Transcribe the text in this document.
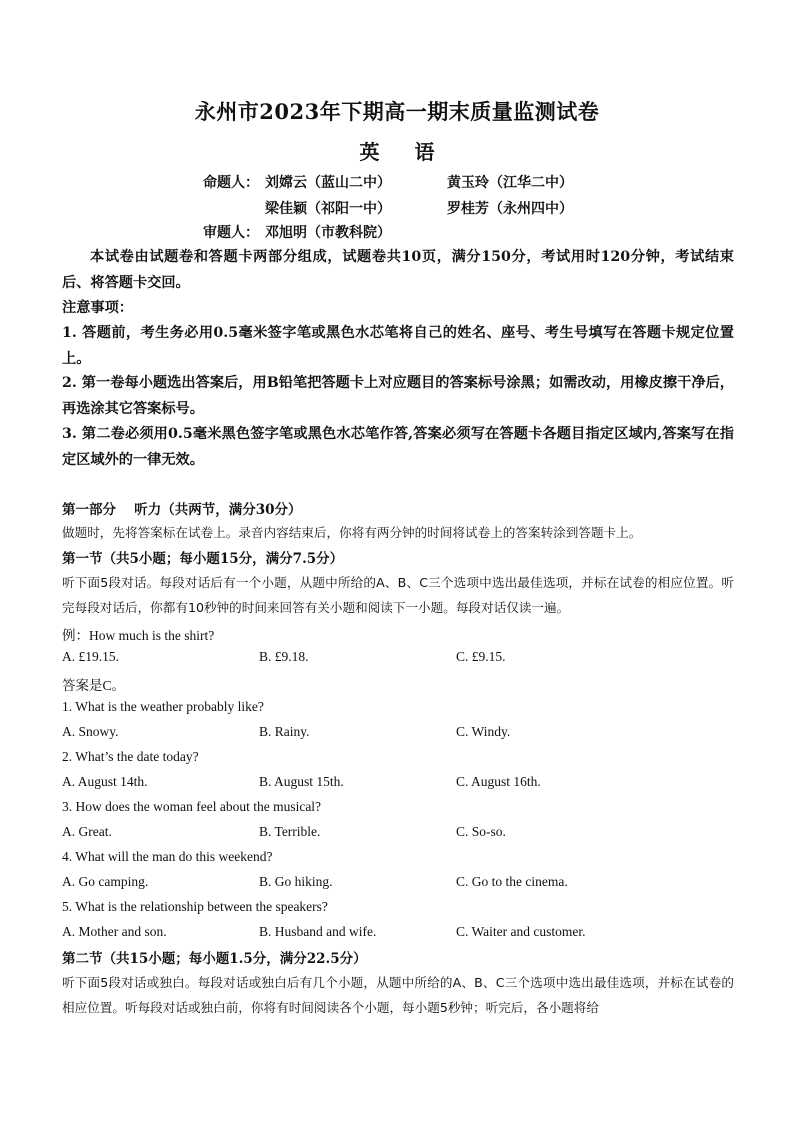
永州市2023年下期高一期末质量监测试卷
英 语
命题人： 刘嫦云（蓝山二中）	黄玉玲（江华二中）
梁佳颖（祁阳一中）	罗桂芳（永州四中）
审题人： 邓旭明（市教科院）
本试卷由试题卷和答题卡两部分组成，试题卷共10页，满分150分，考试用时120分钟，考试结束后、将答题卡交回。
注意事项：
1. 答题前，考生务必用0.5毫米签字笔或黑色水芯笔将自己的姓名、座号、考生号填写在答题卡规定位置上。
2. 第一卷每小题选出答案后，用B铅笔把答题卡上对应题目的答案标号涂黑；如需改动，用橡皮擦干净后，再选涂其它答案标号。
3. 第二卷必须用0.5毫米黑色签字笔或黑色水芯笔作答,答案必须写在答题卡各题目指定区域内,答案写在指定区域外的一律无效。
第一部分　 听力（共两节，满分30分）
做题时，先将答案标在试卷上。录音内容结束后，你将有两分钟的时间将试卷上的答案转涂到答题卡上。
第一节（共5小题；每小题15分，满分7.5分）
听下面5段对话。每段对话后有一个小题，从题中所给的A、B、C三个选项中选出最佳选项，并标在试卷的相应位置。听完每段对话后，你都有10秒钟的时间来回答有关小题和阅读下一小题。每段对话仅读一遍。
例：How much is the shirt?
A. £19.15.	B. £9.18.	C. £9.15.
答案是C。
1. What is the weather probably like?
A. Snowy.	B. Rainy.	C. Windy.
2. What’s the date today?
A. August 14th.	B. August 15th.	C. August 16th.
3. How does the woman feel about the musical?
A. Great.	B. Terrible.	C. So-so.
4. What will the man do this weekend?
A. Go camping.	B. Go hiking.	C. Go to the cinema.
5. What is the relationship between the speakers?
A. Mother and son.	B. Husband and wife.	C. Waiter and customer.
第二节（共15小题；每小题1.5分，满分22.5分）
听下面5段对话或独白。每段对话或独白后有几个小题，从题中所给的A、B、C三个选项中选出最佳选项，并标在试卷的相应位置。听每段对话或独白前，你将有时间阅读各个小题，每小题5秒钟；听完后，各小题将给
